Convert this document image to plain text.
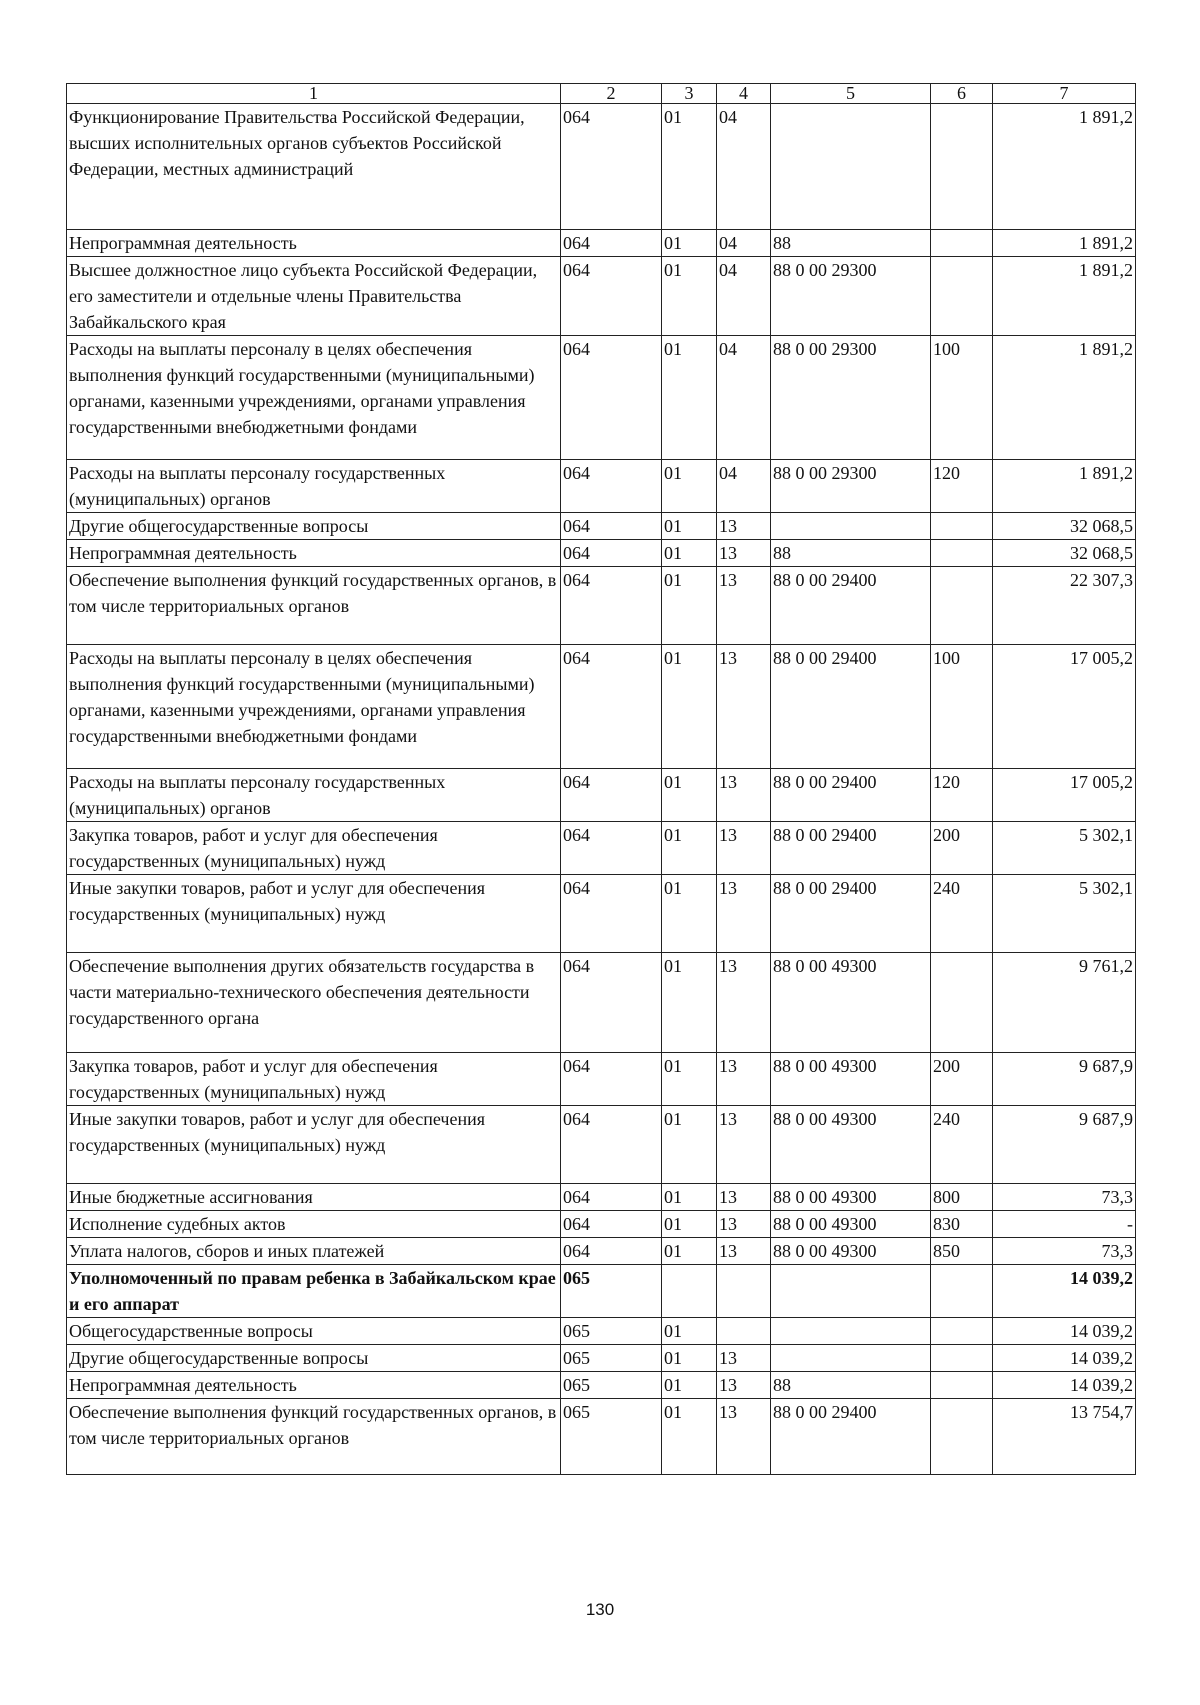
1	2	3	4	5	6	7
Функционирование Правительства Российской Федерации, высших исполнительных органов субъектов Российской Федерации, местных администраций	064	01	04			1 891,2
Непрограммная деятельность	064	01	04	88		1 891,2
Высшее должностное лицо субъекта Российской Федерации, его заместители и отдельные члены Правительства Забайкальского края	064	01	04	88 0 00 29300		1 891,2
Расходы на выплаты персоналу в целях обеспечения выполнения функций государственными (муниципальными) органами, казенными учреждениями, органами управления государственными внебюджетными фондами	064	01	04	88 0 00 29300	100	1 891,2
Расходы на выплаты персоналу государственных (муниципальных) органов	064	01	04	88 0 00 29300	120	1 891,2
Другие общегосударственные вопросы	064	01	13			32 068,5
Непрограммная деятельность	064	01	13	88		32 068,5
Обеспечение выполнения функций государственных органов, в том числе территориальных органов	064	01	13	88 0 00 29400		22 307,3
Расходы на выплаты персоналу в целях обеспечения выполнения функций государственными (муниципальными) органами, казенными учреждениями, органами управления государственными внебюджетными фондами	064	01	13	88 0 00 29400	100	17 005,2
Расходы на выплаты персоналу государственных (муниципальных) органов	064	01	13	88 0 00 29400	120	17 005,2
Закупка товаров, работ и услуг для обеспечения государственных (муниципальных) нужд	064	01	13	88 0 00 29400	200	5 302,1
Иные закупки товаров, работ и услуг для обеспечения государственных (муниципальных) нужд	064	01	13	88 0 00 29400	240	5 302,1
Обеспечение выполнения других обязательств государства в части материально-технического обеспечения деятельности государственного органа	064	01	13	88 0 00 49300		9 761,2
Закупка товаров, работ и услуг для обеспечения государственных (муниципальных) нужд	064	01	13	88 0 00 49300	200	9 687,9
Иные закупки товаров, работ и услуг для обеспечения государственных (муниципальных) нужд	064	01	13	88 0 00 49300	240	9 687,9
Иные бюджетные ассигнования	064	01	13	88 0 00 49300	800	73,3
Исполнение судебных актов	064	01	13	88 0 00 49300	830	-
Уплата налогов, сборов и иных платежей	064	01	13	88 0 00 49300	850	73,3
Уполномоченный по правам ребенка в Забайкальском крае и его аппарат	065					14 039,2
Общегосударственные вопросы	065	01				14 039,2
Другие общегосударственные вопросы	065	01	13			14 039,2
Непрограммная деятельность	065	01	13	88		14 039,2
Обеспечение выполнения функций государственных органов, в том числе территориальных органов	065	01	13	88 0 00 29400		13 754,7
130
